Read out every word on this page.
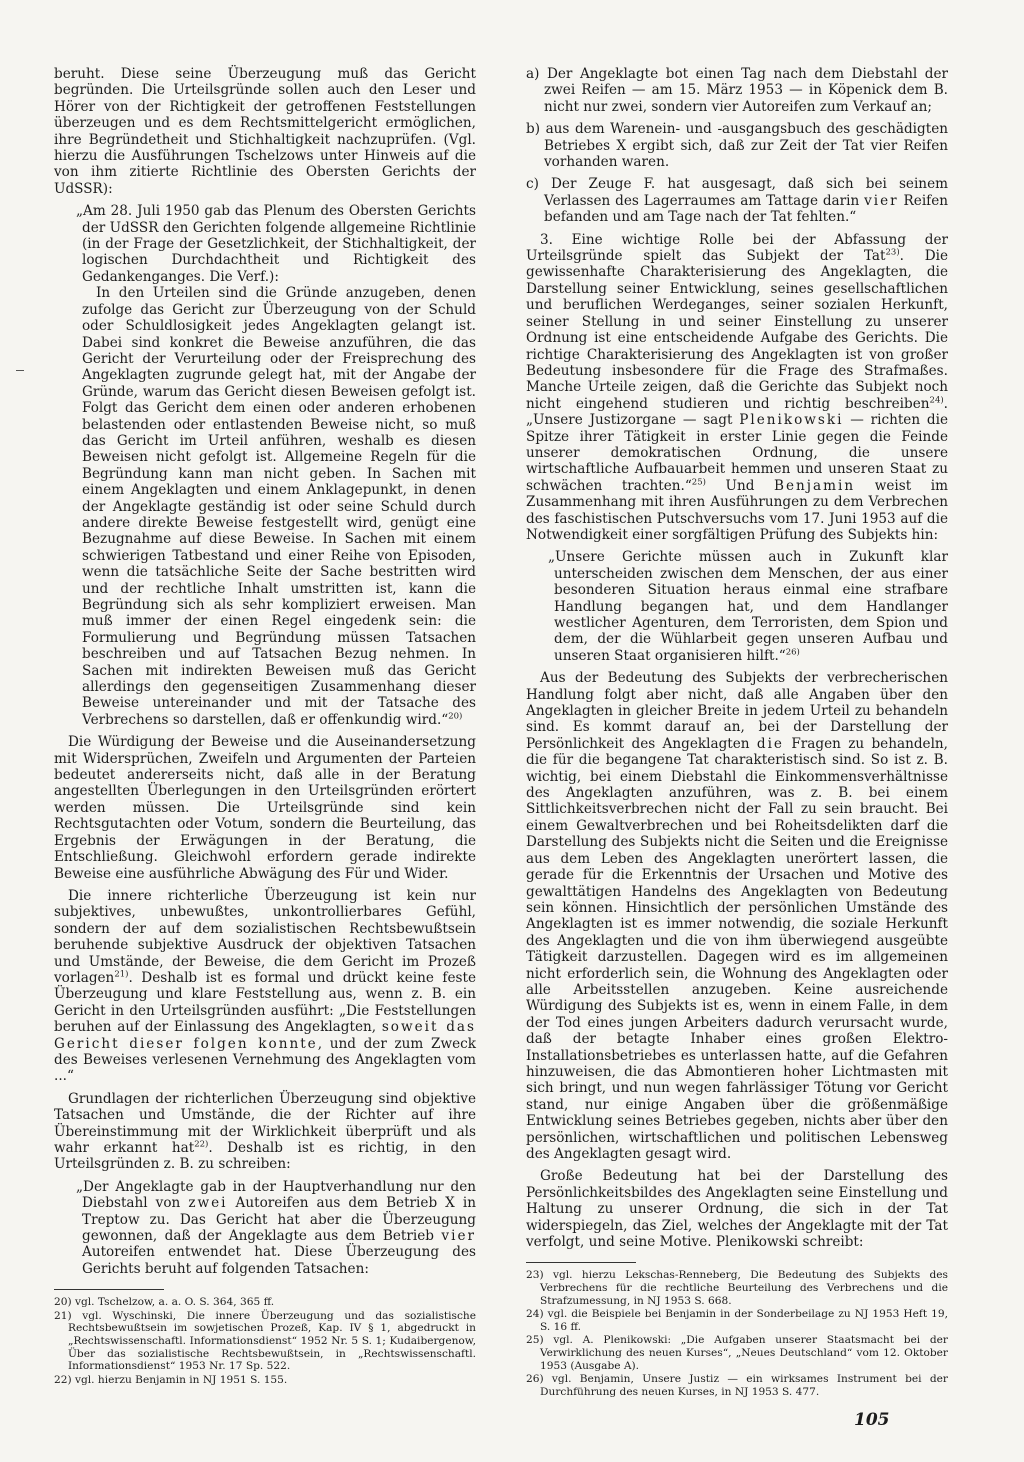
beruht. Diese seine Überzeugung muß das Gericht begründen. Die Urteilsgründe sollen auch den Leser und Hörer von der Richtigkeit der getroffenen Feststellungen überzeugen und es dem Rechtsmittelgericht ermöglichen, ihre Begründetheit und Stichhaltigkeit nachzuprüfen. (Vgl. hierzu die Ausführungen Tschelzows unter Hinweis auf die von ihm zitierte Richtlinie des Obersten Gerichts der UdSSR):

„Am 28. Juli 1950 gab das Plenum des Obersten Gerichts der UdSSR den Gerichten folgende allgemeine Richtlinie (in der Frage der Gesetzlichkeit, der Stichhaltigkeit, der logischen Durchdachtheit und Richtigkeit des Gedankenganges. Die Verf.):

In den Urteilen sind die Gründe anzugeben, denen zufolge das Gericht zur Überzeugung von der Schuld oder Schuldlosigkeit jedes Angeklagten gelangt ist. Dabei sind konkret die Beweise anzuführen, die das Gericht der Verurteilung oder der Freisprechung des Angeklagten zugrunde gelegt hat, mit der Angabe der Gründe, warum das Gericht diesen Beweisen gefolgt ist. Folgt das Gericht dem einen oder anderen erhobenen belastenden oder entlastenden Beweise nicht, so muß das Gericht im Urteil anführen, weshalb es diesen Beweisen nicht gefolgt ist. Allgemeine Regeln für die Begründung kann man nicht geben. In Sachen mit einem Angeklagten und einem Anklagepunkt, in denen der Angeklagte geständig ist oder seine Schuld durch andere direkte Beweise festgestellt wird, genügt eine Bezugnahme auf diese Beweise. In Sachen mit einem schwierigen Tatbestand und einer Reihe von Episoden, wenn die tatsächliche Seite der Sache bestritten wird und der rechtliche Inhalt umstritten ist, kann die Begründung sich als sehr kompliziert erweisen. Man muß immer der einen Regel eingedenk sein: die Formulierung und Begründung müssen Tatsachen beschreiben und auf Tatsachen Bezug nehmen. In Sachen mit indirekten Beweisen muß das Gericht allerdings den gegenseitigen Zusammenhang dieser Beweise untereinander und mit der Tatsache des Verbrechens so darstellen, daß er offenkundig wird.“$^{20)}$

Die Würdigung der Beweise und die Auseinandersetzung mit Widersprüchen, Zweifeln und Argumenten der Parteien bedeutet andererseits nicht, daß alle in der Beratung angestellten Überlegungen in den Urteilsgründen erörtert werden müssen. Die Urteilsgründe sind kein Rechtsgutachten oder Votum, sondern die Beurteilung, das Ergebnis der Erwägungen in der Beratung, die Entschließung. Gleichwohl erfordern gerade indirekte Beweise eine ausführliche Abwägung des Für und Wider.

Die innere richterliche Überzeugung ist kein nur subjektives, unbewußtes, unkontrollierbares Gefühl, sondern der auf dem sozialistischen Rechtsbewußtsein beruhende subjektive Ausdruck der objektiven Tatsachen und Umstände, der Beweise, die dem Gericht im Prozeß vorlagen$^{21)}$. Deshalb ist es formal und drückt keine feste Überzeugung und klare Feststellung aus, wenn z. B. ein Gericht in den Urteilsgründen ausführt: „Die Feststellungen beruhen auf der Einlassung des Angeklagten, soweit das Gericht dieser folgen konnte, und der zum Zweck des Beweises verlesenen Vernehmung des Angeklagten vom ...“

Grundlagen der richterlichen Überzeugung sind objektive Tatsachen und Umstände, die der Richter auf ihre Übereinstimmung mit der Wirklichkeit überprüft und als wahr erkannt hat$^{22)}$. Deshalb ist es richtig, in den Urteilsgründen z. B. zu schreiben:

„Der Angeklagte gab in der Hauptverhandlung nur den Diebstahl von zwei Autoreifen aus dem Betrieb X in Treptow zu. Das Gericht hat aber die Überzeugung gewonnen, daß der Angeklagte aus dem Betrieb vier Autoreifen entwendet hat. Diese Überzeugung des Gerichts beruht auf folgenden Tatsachen:

20) vgl. Tschelzow, a. a. O. S. 364, 365 ff.

21) vgl. Wyschinski, Die innere Überzeugung und das sozialistische Rechtsbewußtsein im sowjetischen Prozeß, Kap. IV § 1, abgedruckt in „Rechtswissenschaftl. Informationsdienst“ 1952 Nr. 5 S. 1; Kudaibergenow, Über das sozialistische Rechtsbewußtsein, in „Rechtswissenschaftl. Informationsdienst“ 1953 Nr. 17 Sp. 522.

22) vgl. hierzu Benjamin in NJ 1951 S. 155.

a) Der Angeklagte bot einen Tag nach dem Diebstahl der zwei Reifen — am 15. März 1953 — in Köpenick dem B. nicht nur zwei, sondern vier Autoreifen zum Verkauf an;

b) aus dem Warenein- und -ausgangsbuch des geschädigten Betriebes X ergibt sich, daß zur Zeit der Tat vier Reifen vorhanden waren.

c) Der Zeuge F. hat ausgesagt, daß sich bei seinem Verlassen des Lagerraumes am Tattage darin vier Reifen befanden und am Tage nach der Tat fehlten.“

3. Eine wichtige Rolle bei der Abfassung der Urteilsgründe spielt das Subjekt der Tat$^{23)}$. Die gewissenhafte Charakterisierung des Angeklagten, die Darstellung seiner Entwicklung, seines gesellschaftlichen und beruflichen Werdeganges, seiner sozialen Herkunft, seiner Stellung in und seiner Einstellung zu unserer Ordnung ist eine entscheidende Aufgabe des Gerichts. Die richtige Charakterisierung des Angeklagten ist von großer Bedeutung insbesondere für die Frage des Strafmaßes. Manche Urteile zeigen, daß die Gerichte das Subjekt noch nicht eingehend studieren und richtig beschreiben$^{24)}$. „Unsere Justizorgane — sagt Plenikowski — richten die Spitze ihrer Tätigkeit in erster Linie gegen die Feinde unserer demokratischen Ordnung, die unsere wirtschaftliche Aufbauarbeit hemmen und unseren Staat zu schwächen trachten.“$^{25)}$ Und Benjamin weist im Zusammenhang mit ihren Ausführungen zu dem Verbrechen des faschistischen Putschversuchs vom 17. Juni 1953 auf die Notwendigkeit einer sorgfältigen Prüfung des Subjekts hin:

„Unsere Gerichte müssen auch in Zukunft klar unterscheiden zwischen dem Menschen, der aus einer besonderen Situation heraus einmal eine strafbare Handlung begangen hat, und dem Handlanger westlicher Agenturen, dem Terroristen, dem Spion und dem, der die Wühlarbeit gegen unseren Aufbau und unseren Staat organisieren hilft.“$^{26)}$

Aus der Bedeutung des Subjekts der verbrecherischen Handlung folgt aber nicht, daß alle Angaben über den Angeklagten in gleicher Breite in jedem Urteil zu behandeln sind. Es kommt darauf an, bei der Darstellung der Persönlichkeit des Angeklagten die Fragen zu behandeln, die für die begangene Tat charakteristisch sind. So ist z. B. wichtig, bei einem Diebstahl die Einkommensverhältnisse des Angeklagten anzuführen, was z. B. bei einem Sittlichkeitsverbrechen nicht der Fall zu sein braucht. Bei einem Gewaltverbrechen und bei Roheitsdelikten darf die Darstellung des Subjekts nicht die Seiten und die Ereignisse aus dem Leben des Angeklagten unerörtert lassen, die gerade für die Erkenntnis der Ursachen und Motive des gewalttätigen Handelns des Angeklagten von Bedeutung sein können. Hinsichtlich der persönlichen Umstände des Angeklagten ist es immer notwendig, die soziale Herkunft des Angeklagten und die von ihm überwiegend ausgeübte Tätigkeit darzustellen. Dagegen wird es im allgemeinen nicht erforderlich sein, die Wohnung des Angeklagten oder alle Arbeitsstellen anzugeben. Keine ausreichende Würdigung des Subjekts ist es, wenn in einem Falle, in dem der Tod eines jungen Arbeiters dadurch verursacht wurde, daß der betagte Inhaber eines großen Elektro-Installationsbetriebes es unterlassen hatte, auf die Gefahren hinzuweisen, die das Abmontieren hoher Lichtmasten mit sich bringt, und nun wegen fahrlässiger Tötung vor Gericht stand, nur einige Angaben über die größenmäßige Entwicklung seines Betriebes gegeben, nichts aber über den persönlichen, wirtschaftlichen und politischen Lebensweg des Angeklagten gesagt wird.

Große Bedeutung hat bei der Darstellung des Persönlichkeitsbildes des Angeklagten seine Einstellung und Haltung zu unserer Ordnung, die sich in der Tat widerspiegeln, das Ziel, welches der Angeklagte mit der Tat verfolgt, und seine Motive. Plenikowski schreibt:

23) vgl. hierzu Lekschas-Renneberg, Die Bedeutung des Subjekts des Verbrechens für die rechtliche Beurteilung des Verbrechens und die Strafzumessung, in NJ 1953 S. 668.

24) vgl. die Beispiele bei Benjamin in der Sonderbeilage zu NJ 1953 Heft 19, S. 16 ff.

25) vgl. A. Plenikowski: „Die Aufgaben unserer Staatsmacht bei der Verwirklichung des neuen Kurses“, „Neues Deutschland“ vom 12. Oktober 1953 (Ausgabe A).

26) vgl. Benjamin, Unsere Justiz — ein wirksames Instrument bei der Durchführung des neuen Kurses, in NJ 1953 S. 477.

105
